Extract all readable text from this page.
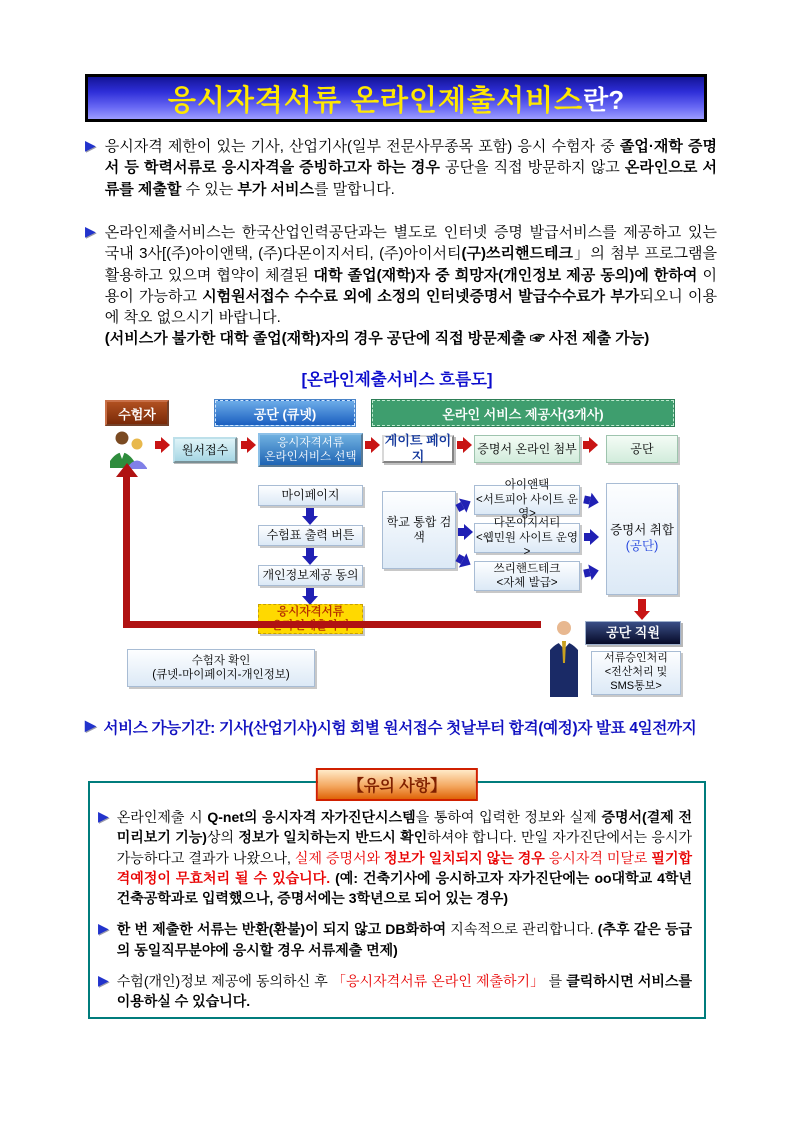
응시자격서류 온라인제출서비스 란?
▶ 응시자격 제한이 있는 기사, 산업기사(일부 전문사무종목 포함) 응시 수험자 중 졸업·재학 증명서 등 학력서류로 응시자격을 증빙하고자 하는 경우 공단을 직접 방문하지 않고 온라인으로 서류를 제출할 수 있는 부가 서비스를 말합니다.
▶ 온라인제출서비스는 한국산업인력공단과는 별도로 인터넷 증명 발급서비스를 제공하고 있는 국내 3사[(주)아이앤택, (주)다몬이지서티, (주)아이서티(구)쓰리핸드테크」의 첨부 프로그램을 활용하고 있으며 협약이 체결된 대학 졸업(재학)자 중 희망자(개인정보 제공 동의)에 한하여 이용이 가능하고 시험원서접수 수수료 외에 소정의 인터넷증명서 발급수수료가 부가되오니 이용에 착오 없으시기 바랍니다.
(서비스가 불가한 대학 졸업(재학)자의 경우 공단에 직접 방문제출 ☞ 사전 제출 가능)
[온라인제출서비스 흐름도]
수험자	공단 (큐넷)	온라인 서비스 제공사(3개사)
원서접수	응시자격서류
온라인서비스 선택
게이트 페이지
증명서 온라인 첨부	공단
마이페이지
수험표 출력 버튼
개인정보제공 동의
응시자격서류
학교 통합 검색
아이앤택
<서트피아 사이트 운영>
다몬이지서티
<웹민원 사이트 운영>
쓰리핸드테크
<자체 발급>
증명서 취합
(공단)
공단 직원
서류승인처리
<전산처리 및
SMS통보>
수험자 확인
(큐넷-마이페이지-개인정보)
▶ 서비스 가능기간: 기사(산업기사)시험 회별 원서접수 첫날부터 합격(예정)자 발표 4일전까지
【유의 사항】
▶ 온라인제출 시 Q-net의 응시자격 자가진단시스템을 통하여 입력한 정보와 실제 증명서(결제 전 미리보기 기능)상의 정보가 일치하는지 반드시 확인하셔야 합니다. 만일 자가진단에서는 응시가 가능하다고 결과가 나왔으나, 실제 증명서와 정보가 일치되지 않는 경우 응시자격 미달로 필기합격예정이 무효처리 될 수 있습니다. (예: 건축기사에 응시하고자 자가진단에는 oo대학교 4학년 건축공학과로 입력했으나, 증명서에는 3학년으로 되어 있는 경우)
▶ 한 번 제출한 서류는 반환(환불)이 되지 않고 DB화하여 지속적으로 관리합니다. (추후 같은 등급의 동일직무분야에 응시할 경우 서류제출 면제)
▶ 수험(개인)정보 제공에 동의하신 후 「응시자격서류 온라인 제출하기」 를 클릭하시면 서비스를 이용하실 수 있습니다.
